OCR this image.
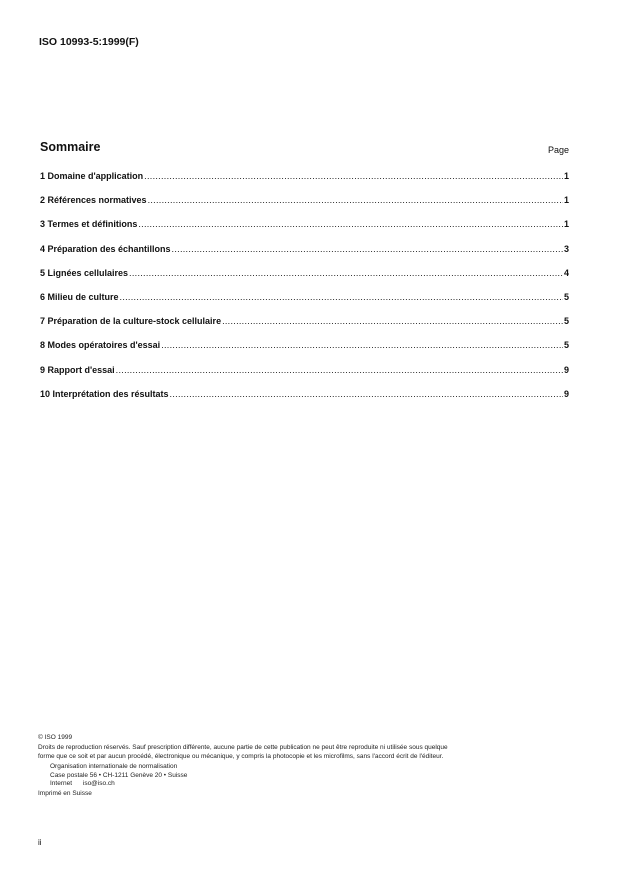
ISO 10993-5:1999(F)
Sommaire	Page
1 Domaine d'application .....	1
2 Références normatives .....	1
3 Termes et définitions .....	1
4 Préparation des échantillons .....	3
5 Lignées cellulaires .....	4
6 Milieu de culture .....	5
7 Préparation de la culture-stock cellulaire .....	5
8 Modes opératoires d'essai .....	5
9 Rapport d'essai .....	9
10 Interprétation des résultats .....	9
© ISO 1999
Droits de reproduction réservés. Sauf prescription différente, aucune partie de cette publication ne peut être reproduite ni utilisée sous quelque
forme que ce soit et par aucun procédé, électronique ou mécanique, y compris la photocopie et les microfilms, sans l'accord écrit de l'éditeur.
Organisation internationale de normalisation
Case postale 56 • CH-1211 Genève 20 • Suisse
Internet      iso@iso.ch
Imprimé en Suisse
ii
